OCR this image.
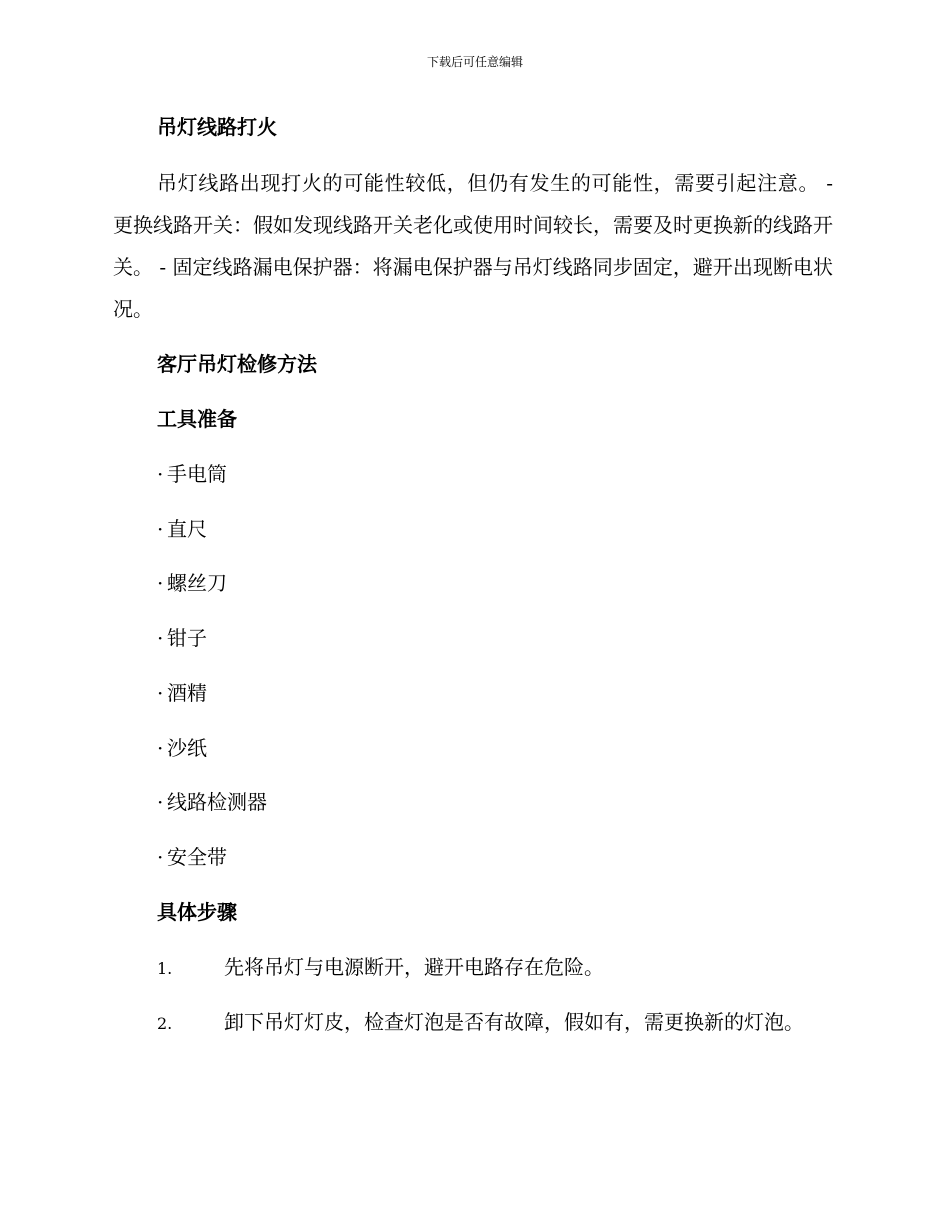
下载后可任意编辑
吊灯线路打火
吊灯线路出现打火的可能性较低，但仍有发生的可能性，需要引起注意。 - 更换线路开关：假如发现线路开关老化或使用时间较长，需要及时更换新的线路开关。 - 固定线路漏电保护器：将漏电保护器与吊灯线路同步固定，避开出现断电状况。
客厅吊灯检修方法
工具准备
· 手电筒
· 直尺
· 螺丝刀
· 钳子
· 酒精
· 沙纸
· 线路检测器
· 安全带
具体步骤
1.	先将吊灯与电源断开，避开电路存在危险。
2.	卸下吊灯灯皮，检查灯泡是否有故障，假如有，需更换新的灯泡。
